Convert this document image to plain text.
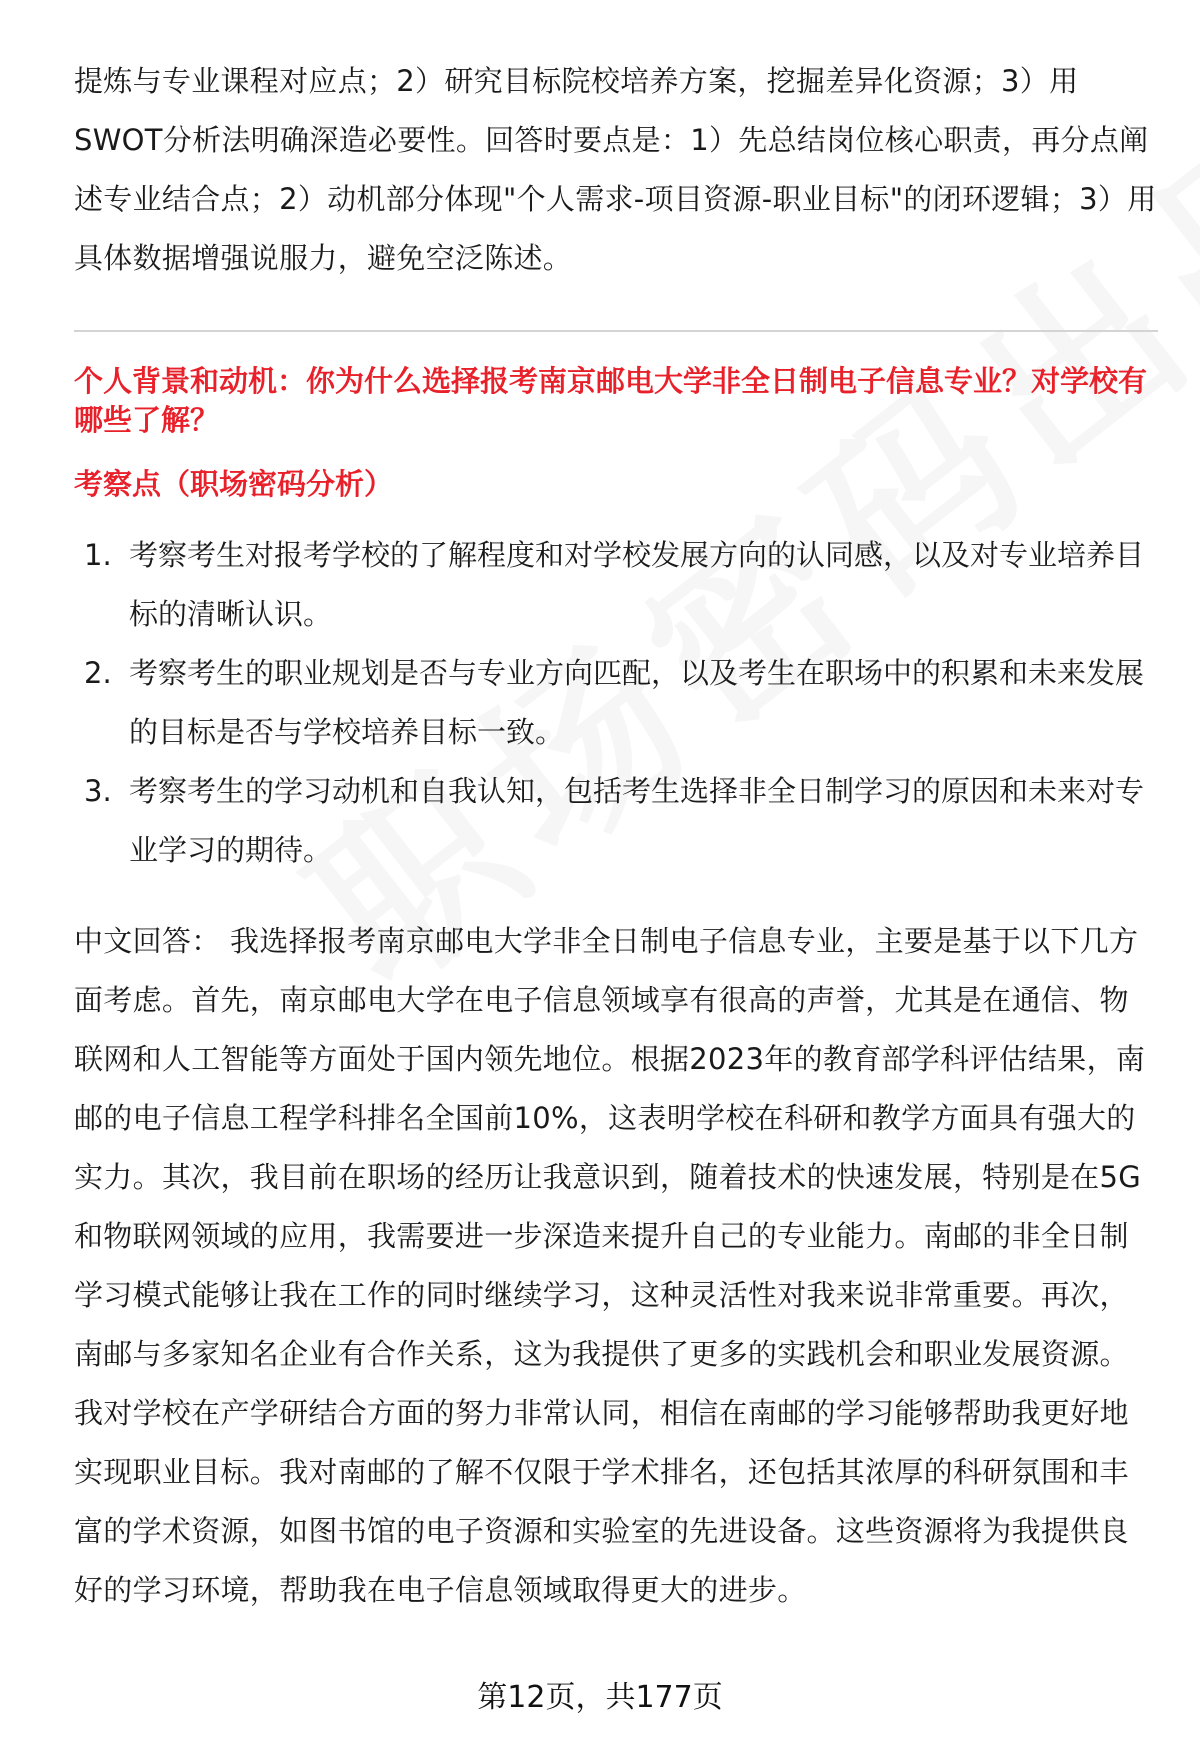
提炼与专业课程对应点；2）研究目标院校培养方案，挖掘差异化资源；3）用SWOT分析法明确深造必要性。回答时要点是：1）先总结岗位核心职责，再分点阐述专业结合点；2）动机部分体现"个人需求-项目资源-职业目标"的闭环逻辑；3）用具体数据增强说服力，避免空泛陈述。

个人背景和动机：你为什么选择报考南京邮电大学非全日制电子信息专业？对学校有哪些了解？

考察点（职场密码分析）

1. 考察考生对报考学校的了解程度和对学校发展方向的认同感，以及对专业培养目标的清晰认识。
2. 考察考生的职业规划是否与专业方向匹配，以及考生在职场中的积累和未来发展的目标是否与学校培养目标一致。
3. 考察考生的学习动机和自我认知，包括考生选择非全日制学习的原因和未来对专业学习的期待。

中文回答： 我选择报考南京邮电大学非全日制电子信息专业，主要是基于以下几方面考虑。首先，南京邮电大学在电子信息领域享有很高的声誉，尤其是在通信、物联网和人工智能等方面处于国内领先地位。根据2023年的教育部学科评估结果，南邮的电子信息工程学科排名全国前10%，这表明学校在科研和教学方面具有强大的实力。其次，我目前在职场的经历让我意识到，随着技术的快速发展，特别是在5G和物联网领域的应用，我需要进一步深造来提升自己的专业能力。南邮的非全日制学习模式能够让我在工作的同时继续学习，这种灵活性对我来说非常重要。再次，南邮与多家知名企业有合作关系，这为我提供了更多的实践机会和职业发展资源。我对学校在产学研结合方面的努力非常认同，相信在南邮的学习能够帮助我更好地实现职业目标。我对南邮的了解不仅限于学术排名，还包括其浓厚的科研氛围和丰富的学术资源，如图书馆的电子资源和实验室的先进设备。这些资源将为我提供良好的学习环境，帮助我在电子信息领域取得更大的进步。

第12页，共177页
